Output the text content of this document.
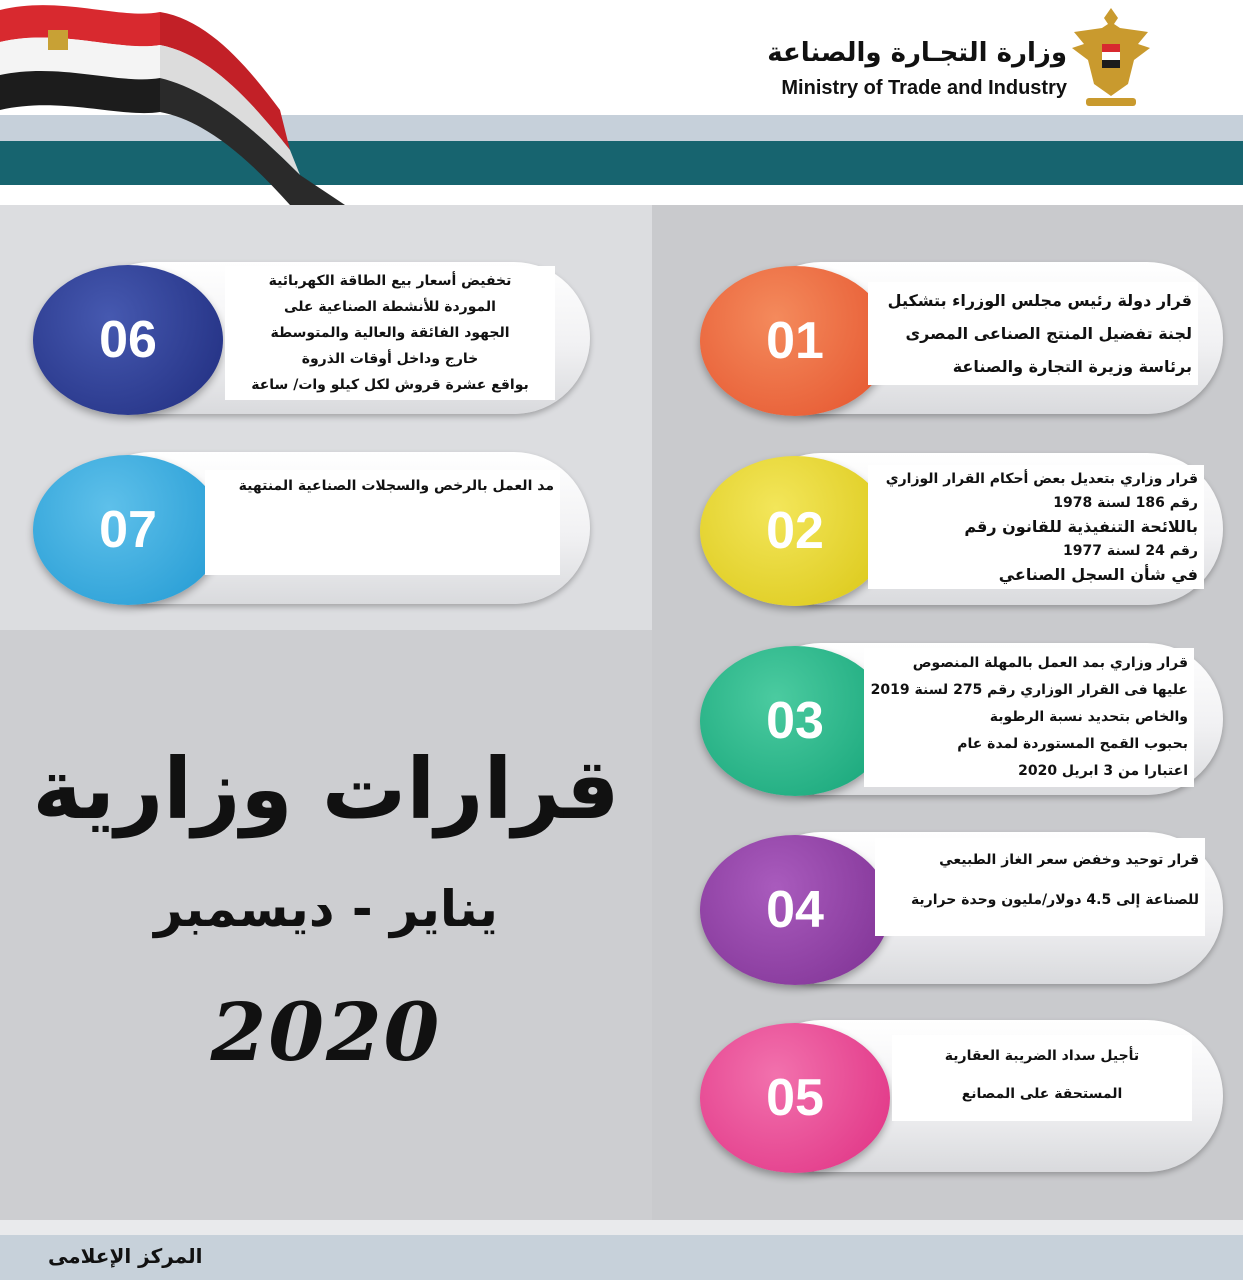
وزارة التجـارة والصناعة
Ministry of Trade and Industry
01
قرار دولة رئيس مجلس الوزراء بتشكيل
لجنة تفضيل المنتج الصناعى المصرى
برئاسة وزيرة التجارة والصناعة
02
قرار وزاري بتعديل بعض أحكام القرار الوزاري
رقم 186 لسنة 1978
باللائحة التنفيذية للقانون رقم
رقم 24 لسنة 1977
في شأن السجل الصناعي
03
قرار وزاري بمد العمل بالمهلة المنصوص
عليها فى القرار الوزاري رقم 275 لسنة 2019
والخاص بتحديد نسبة الرطوبة
بحبوب القمح المستوردة لمدة عام
اعتبارا من 3 ابريل 2020
04
قرار توحيد وخفض سعر الغاز الطبيعي
للصناعة إلى 4.5 دولار/مليون وحدة حرارية
05
تأجيل سداد الضريبة العقارية
المستحقة على المصانع
06
تخفيض أسعار بيع الطاقة الكهربائية
الموردة للأنشطة الصناعية على
الجهود الفائقة والعالية والمتوسطة
خارج وداخل أوقات الذروة
بواقع عشرة قروش لكل كيلو وات/ ساعة
07
مد العمل بالرخص والسجلات الصناعية المنتهية
قرارات وزارية
يناير - ديسمبر
2020
المركز الإعلامى
